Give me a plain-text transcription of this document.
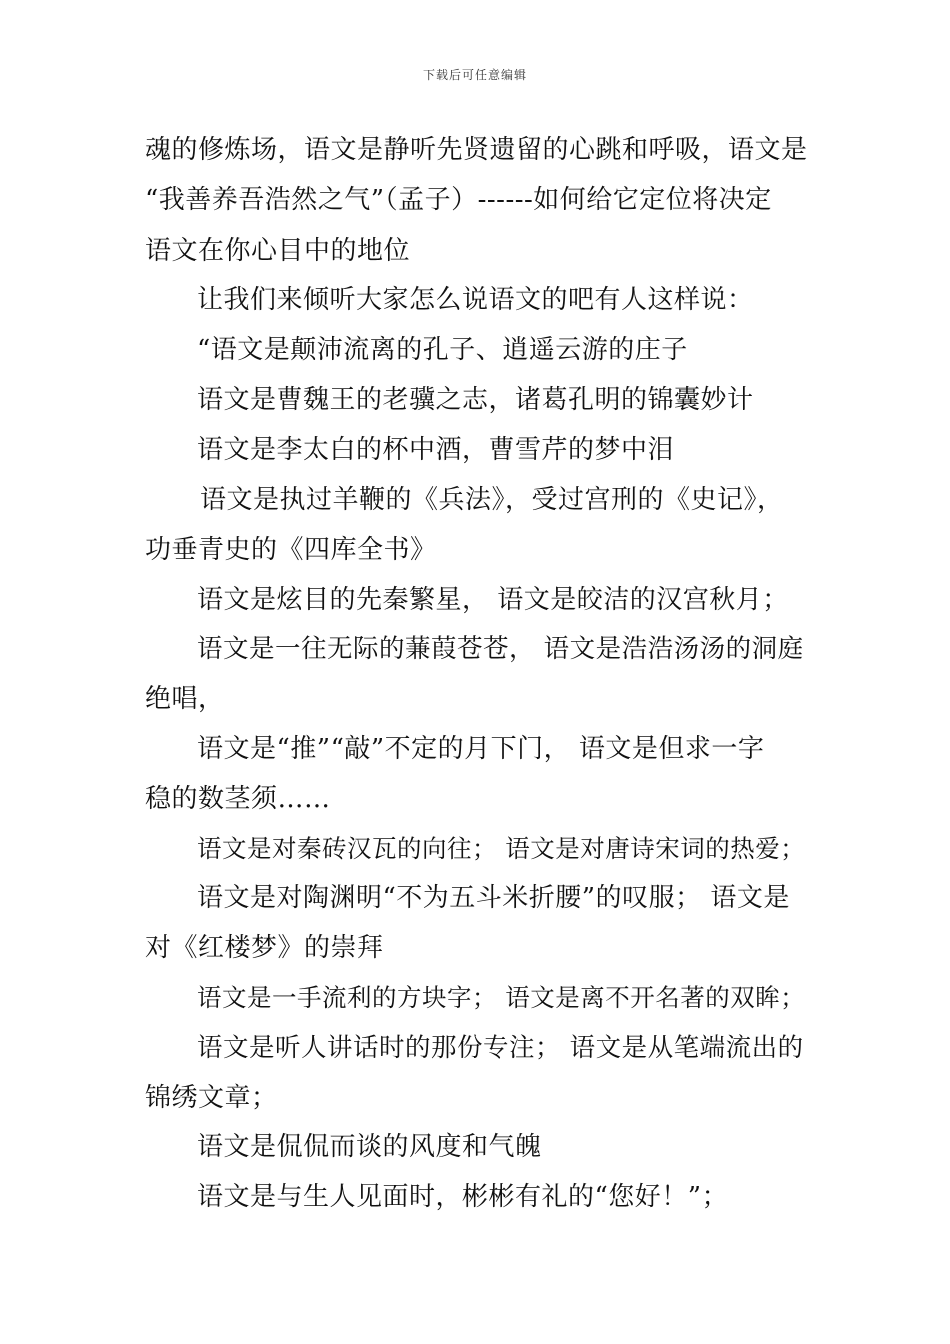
下载后可任意编辑
魂的修炼场，语文是静听先贤遗留的心跳和呼吸，语文是
“我善养吾浩然之气”（孟子）------如何给它定位将决定
语文在你心目中的地位
让我们来倾听大家怎么说语文的吧有人这样说：
“语文是颠沛流离的孔子、逍遥云游的庄子
语文是曹魏王的老骥之志，诸葛孔明的锦囊妙计
语文是李太白的杯中酒，曹雪芹的梦中泪
语文是执过羊鞭的《兵法》，受过宫刑的《史记》，
功垂青史的《四库全书》
语文是炫目的先秦繁星， 语文是皎洁的汉宫秋月；
语文是一往无际的蒹葭苍苍， 语文是浩浩汤汤的洞庭
绝唱，
语文是“推”“敲”不定的月下门， 语文是但求一字
稳的数茎须……
语文是对秦砖汉瓦的向往； 语文是对唐诗宋词的热爱；
语文是对陶渊明“不为五斗米折腰”的叹服； 语文是
对《红楼梦》的崇拜
语文是一手流利的方块字； 语文是离不开名著的双眸；
语文是听人讲话时的那份专注； 语文是从笔端流出的
锦绣文章；
语文是侃侃而谈的风度和气魄
语文是与生人见面时，彬彬有礼的“您好！”；
